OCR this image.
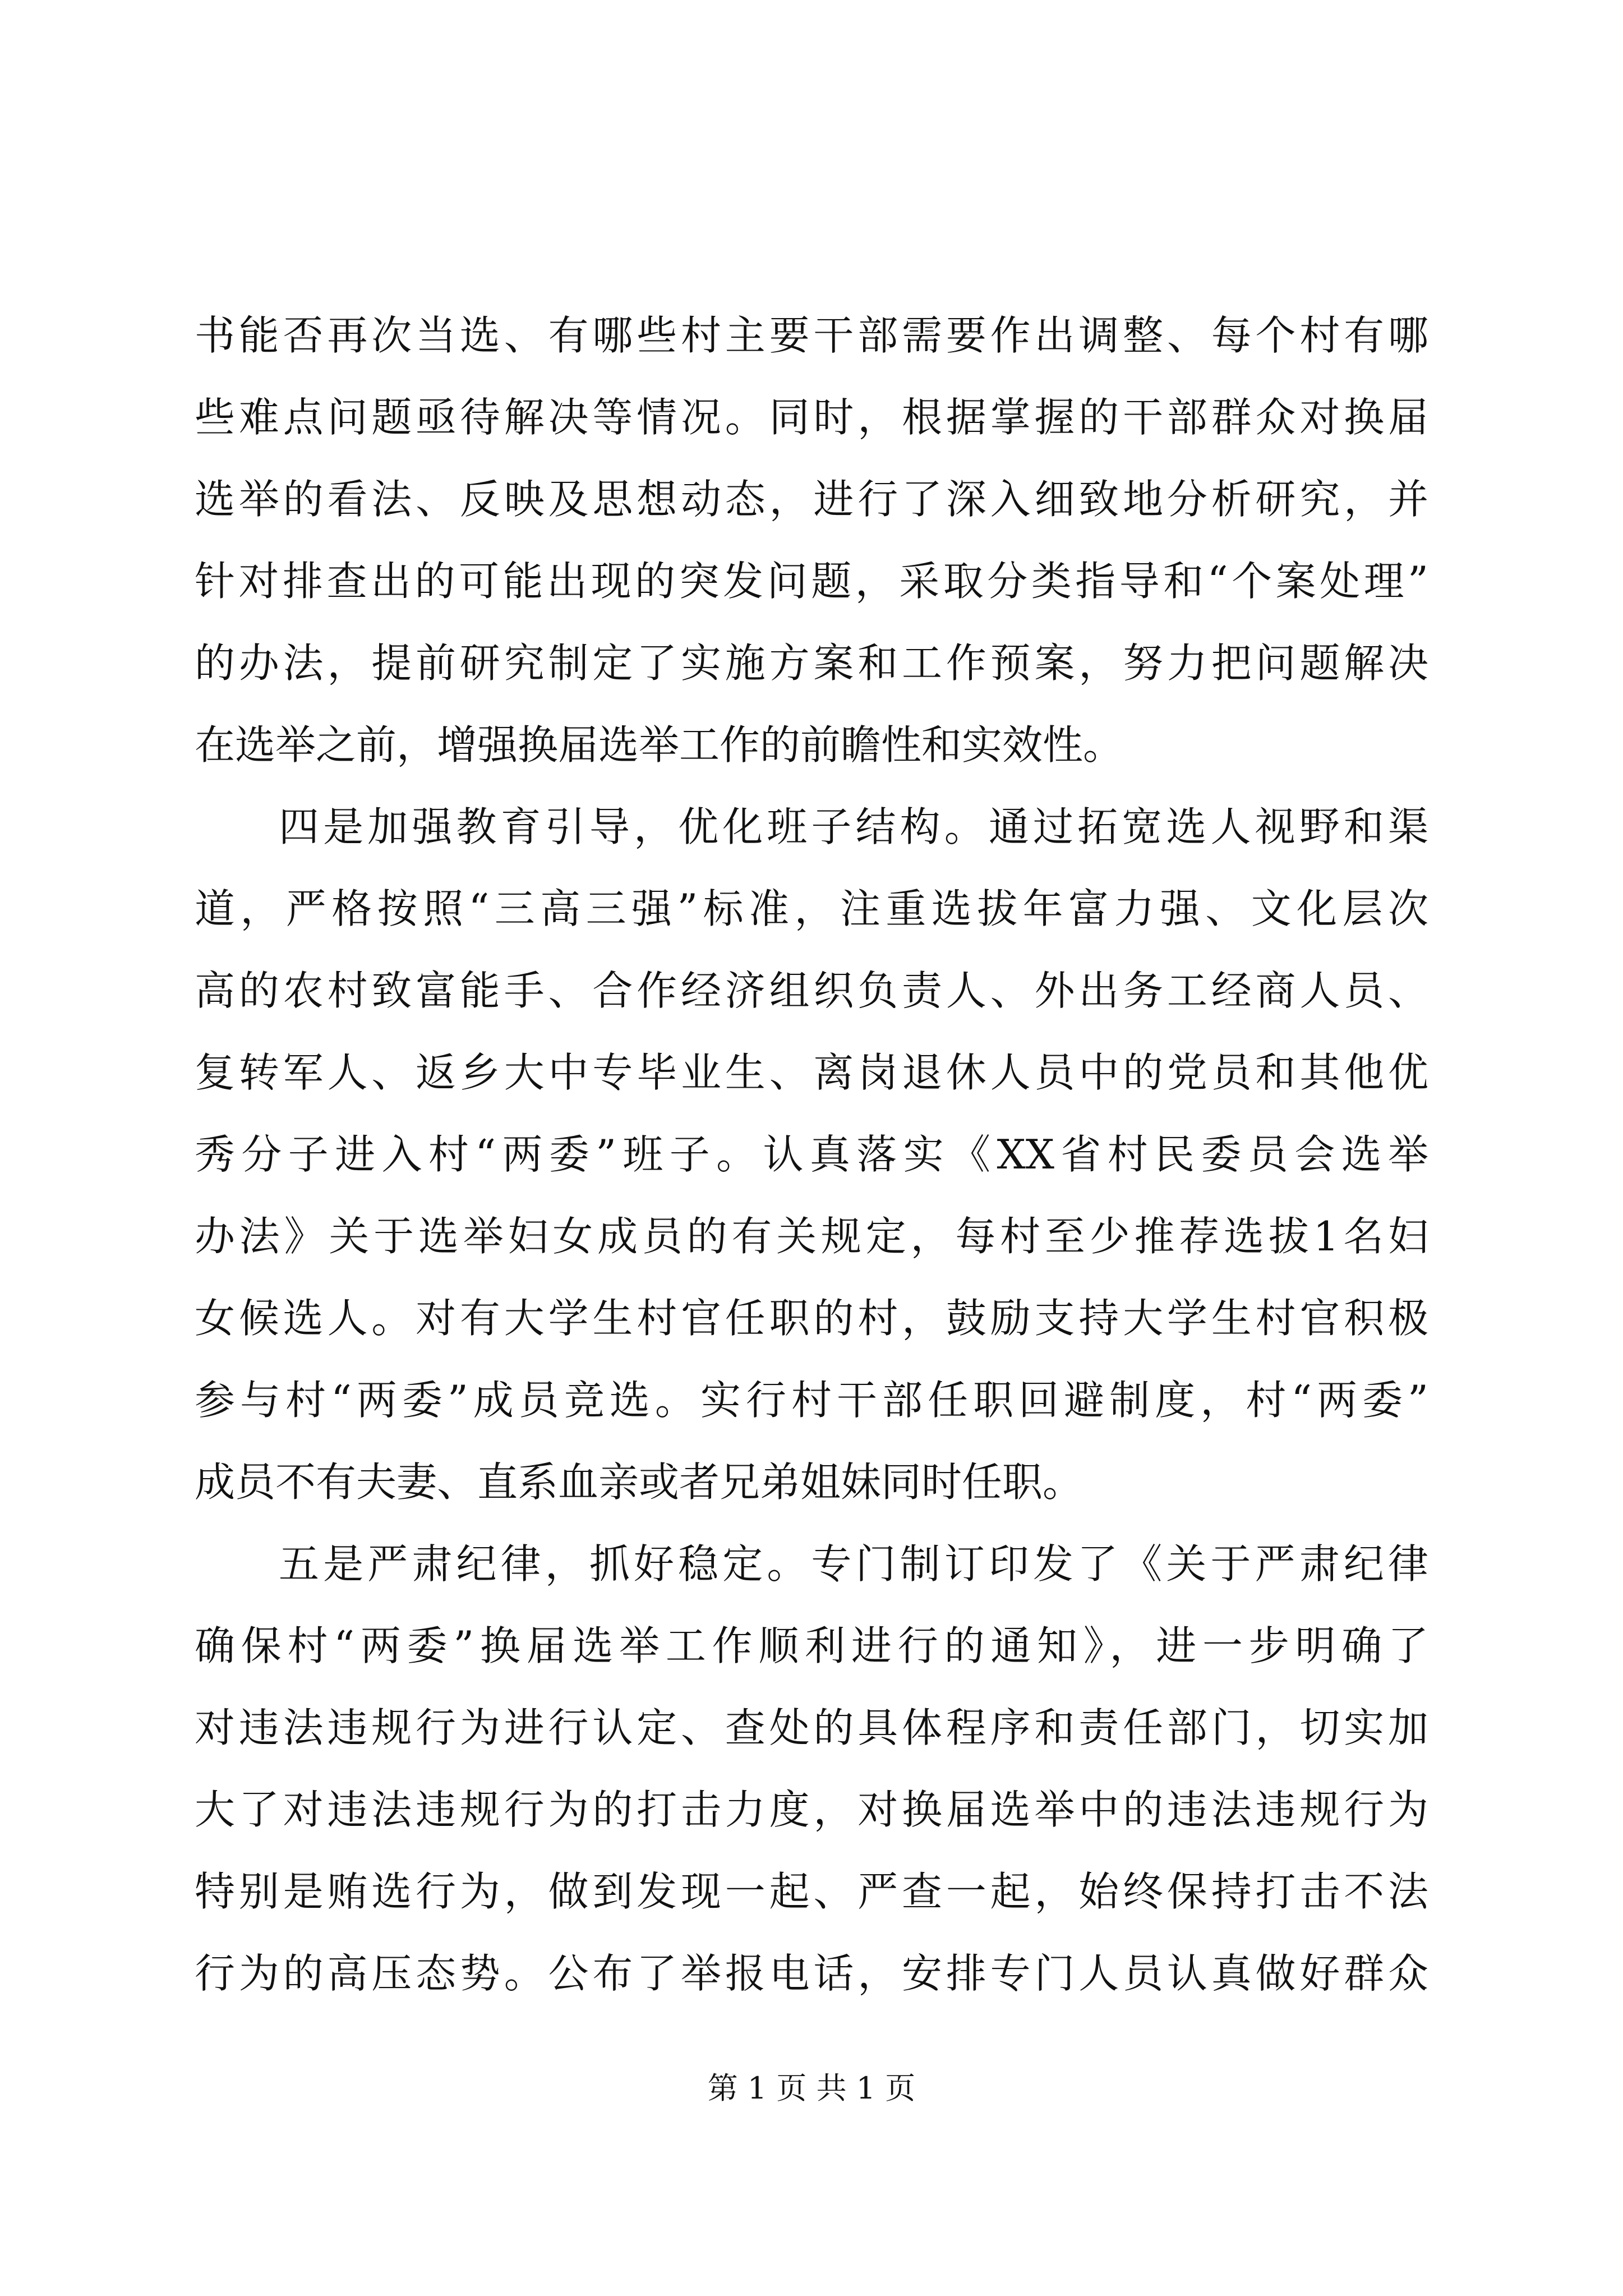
书能否再次当选、有哪些村主要干部需要作出调整、每个村有哪
些难点问题亟待解决等情况。同时，根据掌握的干部群众对换届
选举的看法、反映及思想动态，进行了深入细致地分析研究，并
针对排查出的可能出现的突发问题，采取分类指导和“个案处理”
的办法，提前研究制定了实施方案和工作预案，努力把问题解决
在选举之前，增强换届选举工作的前瞻性和实效性。
四是加强教育引导，优化班子结构。通过拓宽选人视野和渠
道，严格按照“三高三强”标准，注重选拔年富力强、文化层次
高的农村致富能手、合作经济组织负责人、外出务工经商人员、
复转军人、返乡大中专毕业生、离岗退休人员中的党员和其他优
秀分子进入村“两委”班子。认真落实《XX省村民委员会选举
办法》关于选举妇女成员的有关规定，每村至少推荐选拔1名妇
女候选人。对有大学生村官任职的村，鼓励支持大学生村官积极
参与村“两委”成员竞选。实行村干部任职回避制度，村“两委”
成员不有夫妻、直系血亲或者兄弟姐妹同时任职。
五是严肃纪律，抓好稳定。专门制订印发了《关于严肃纪律
确保村“两委”换届选举工作顺利进行的通知》，进一步明确了
对违法违规行为进行认定、查处的具体程序和责任部门，切实加
大了对违法违规行为的打击力度，对换届选举中的违法违规行为
特别是贿选行为，做到发现一起、严查一起，始终保持打击不法
行为的高压态势。公布了举报电话，安排专门人员认真做好群众
第 1 页 共 1 页
